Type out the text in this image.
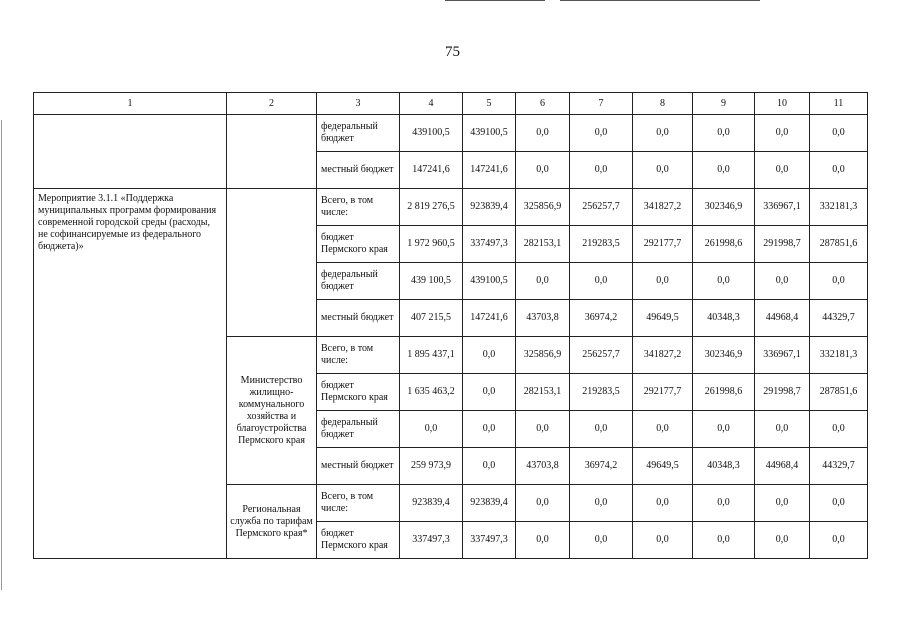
75
1	2	3	4	5	6	7	8	9	10	11
		федеральный бюджет	439100,5	439100,5	0,0	0,0	0,0	0,0	0,0	0,0
		местный бюджет	147241,6	147241,6	0,0	0,0	0,0	0,0	0,0	0,0
Мероприятие 3.1.1 «Поддержка муниципальных программ формирования современной городской среды (расходы, не софинансируемые из федерального бюджета)»		Всего, в том числе:	2 819 276,5	923839,4	325856,9	256257,7	341827,2	302346,9	336967,1	332181,3
		бюджет Пермского края	1 972 960,5	337497,3	282153,1	219283,5	292177,7	261998,6	291998,7	287851,6
		федеральный бюджет	439 100,5	439100,5	0,0	0,0	0,0	0,0	0,0	0,0
		местный бюджет	407 215,5	147241,6	43703,8	36974,2	49649,5	40348,3	44968,4	44329,7
	Министерство жилищно-коммунального хозяйства и благоустройства Пермского края	Всего, в том числе:	1 895 437,1	0,0	325856,9	256257,7	341827,2	302346,9	336967,1	332181,3
		бюджет Пермского края	1 635 463,2	0,0	282153,1	219283,5	292177,7	261998,6	291998,7	287851,6
		федеральный бюджет	0,0	0,0	0,0	0,0	0,0	0,0	0,0	0,0
		местный бюджет	259 973,9	0,0	43703,8	36974,2	49649,5	40348,3	44968,4	44329,7
	Региональная служба по тарифам Пермского края*	Всего, в том числе:	923839,4	923839,4	0,0	0,0	0,0	0,0	0,0	0,0
		бюджет Пермского края	337497,3	337497,3	0,0	0,0	0,0	0,0	0,0	0,0
